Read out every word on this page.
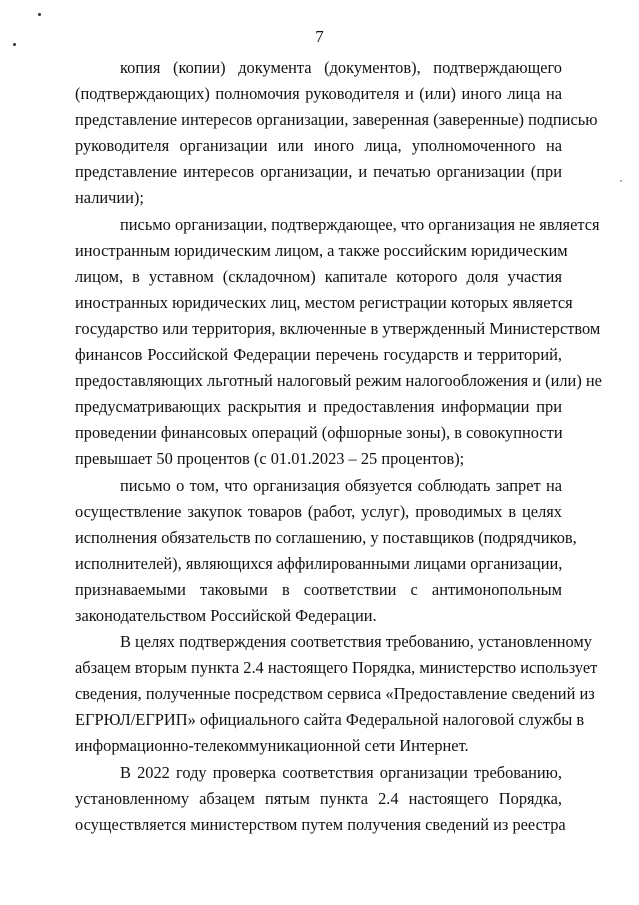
7
копия (копии) документа (документов), подтверждающего
(подтверждающих) полномочия руководителя и (или) иного лица на
представление интересов организации, заверенная (заверенные) подписью
руководителя организации или иного лица, уполномоченного на
представление интересов организации, и печатью организации (при
наличии);
письмо организации, подтверждающее, что организация не является
иностранным юридическим лицом, а также российским юридическим
лицом, в уставном (складочном) капитале которого доля участия
иностранных юридических лиц, местом регистрации которых является
государство или территория, включенные в утвержденный Министерством
финансов Российской Федерации перечень государств и территорий,
предоставляющих льготный налоговый режим налогообложения и (или) не
предусматривающих раскрытия и предоставления информации при
проведении финансовых операций (офшорные зоны), в совокупности
превышает 50 процентов (с 01.01.2023 – 25 процентов);
письмо о том, что организация обязуется соблюдать запрет на
осуществление закупок товаров (работ, услуг), проводимых в целях
исполнения обязательств по соглашению, у поставщиков (подрядчиков,
исполнителей), являющихся аффилированными лицами организации,
признаваемыми таковыми в соответствии с антимонопольным
законодательством Российской Федерации.
В целях подтверждения соответствия требованию, установленному
абзацем вторым пункта 2.4 настоящего Порядка, министерство использует
сведения, полученные посредством сервиса «Предоставление сведений из
ЕГРЮЛ/ЕГРИП» официального сайта Федеральной налоговой службы в
информационно-телекоммуникационной сети Интернет.
В 2022 году проверка соответствия организации требованию,
установленному абзацем пятым пункта 2.4 настоящего Порядка,
осуществляется министерством путем получения сведений из реестра
